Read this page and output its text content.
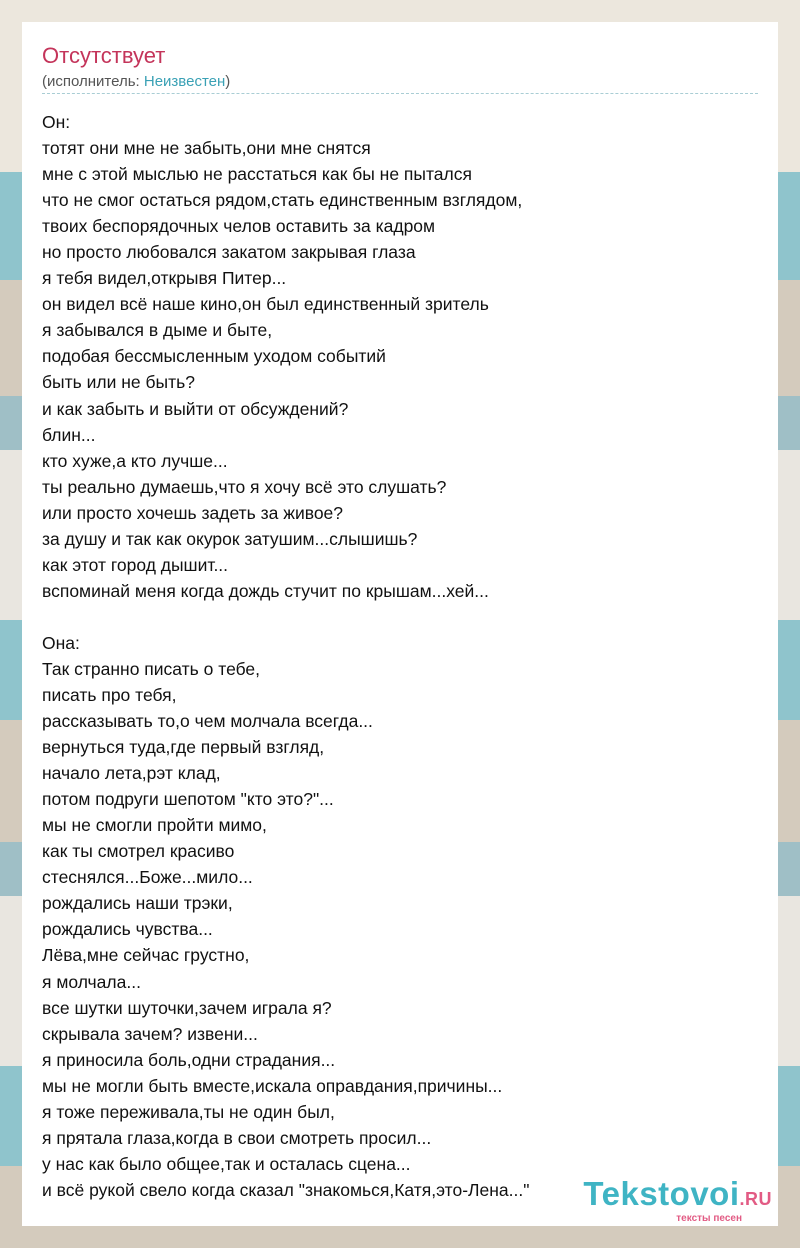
Отсутствует
(исполнитель: Неизвестен)
Он:
тотят они мне не забыть,они мне снятся
мне с этой мыслью не расстаться как бы не пытался
что не смог остаться рядом,стать единственным взглядом,
твоих беспорядочных челов оставить за кадром
но просто любовался закатом закрывая глаза
я тебя видел,открывя Питер...
он видел всё наше кино,он был единственный зритель
я забывался в дыме и быте,
подобая бессмысленным уходом событий
быть или не быть?
и как забыть и выйти от обсуждений?
блин...
кто хуже,а кто лучше...
ты реально думаешь,что я хочу всё это слушать?
или просто хочешь задеть за живое?
за душу и так как окурок затушим...слышишь?
как этот город дышит...
вспоминай меня когда дождь стучит по крышам...хей...
Она:
Так странно писать о тебе,
писать про тебя,
рассказывать то,о чем молчала всегда...
вернуться туда,где первый взгляд,
начало лета,рэт клад,
потом подруги шепотом "кто это?"...
мы не смогли пройти мимо,
как ты смотрел красиво
стеснялся...Боже...мило...
рождались наши трэки,
рождались чувства...
Лёва,мне сейчас грустно,
я молчала...
все шутки шуточки,зачем играла я?
скрывала зачем? извени...
я приносила боль,одни страдания...
мы не могли быть вместе,искала оправдания,причины...
я тоже переживала,ты не один был,
я прятала глаза,когда в свои смотреть просил...
у нас как было общее,так и осталась сцена...
и всё рукой свело когда сказал "знакомься,Катя,это-Лена..."	Tekstovoi.RU
тексты песен
